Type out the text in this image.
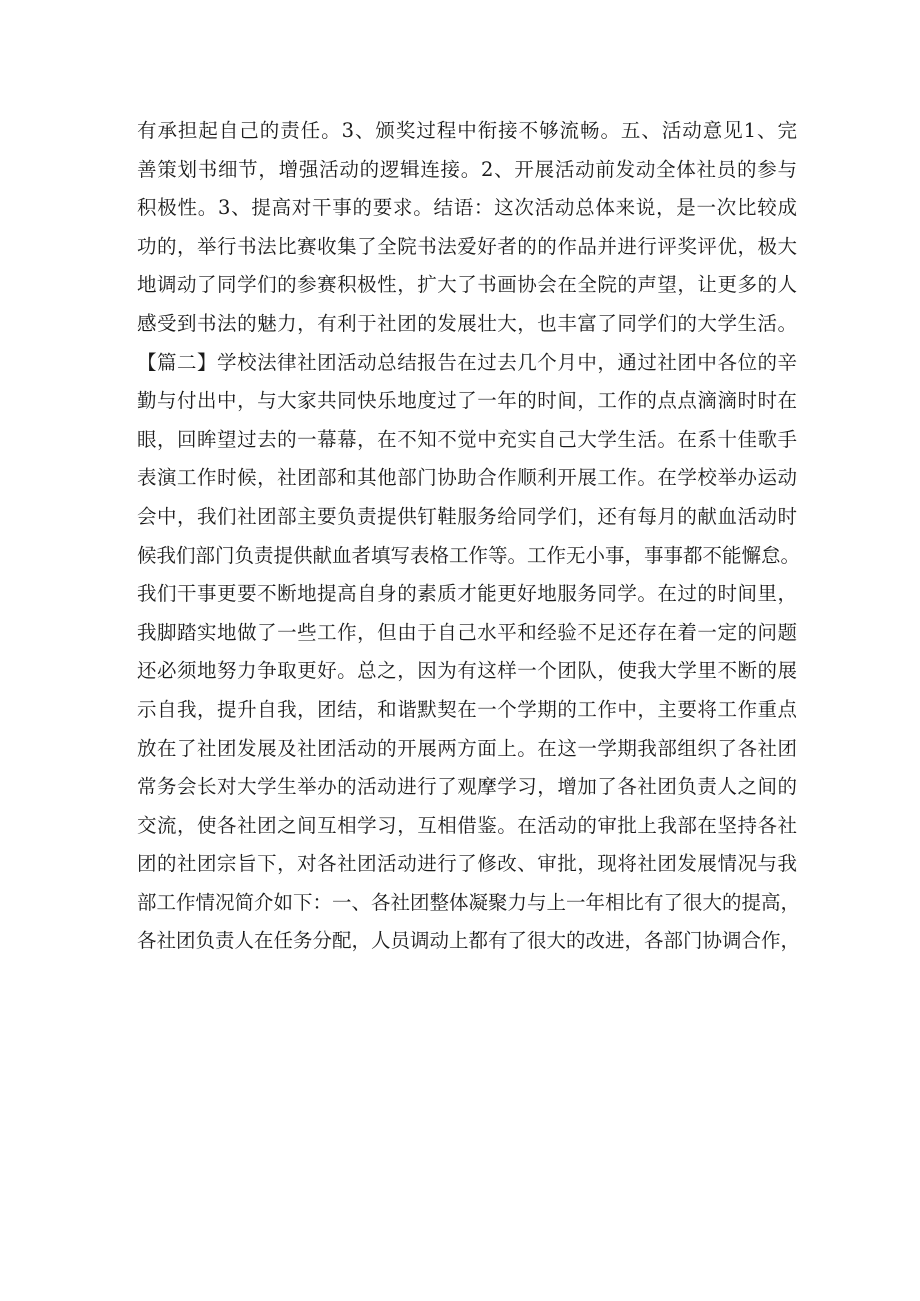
有承担起自己的责任。3、颁奖过程中衔接不够流畅。五、活动意见1、完
善策划书细节，增强活动的逻辑连接。2、开展活动前发动全体社员的参与
积极性。3、提高对干事的要求。结语：这次活动总体来说，是一次比较成
功的，举行书法比赛收集了全院书法爱好者的的作品并进行评奖评优，极大
地调动了同学们的参赛积极性，扩大了书画协会在全院的声望，让更多的人
感受到书法的魅力，有利于社团的发展壮大，也丰富了同学们的大学生活。
【篇二】学校法律社团活动总结报告在过去几个月中，通过社团中各位的辛
勤与付出中，与大家共同快乐地度过了一年的时间，工作的点点滴滴时时在
眼，回眸望过去的一幕幕，在不知不觉中充实自己大学生活。在系十佳歌手
表演工作时候，社团部和其他部门协助合作顺利开展工作。在学校举办运动
会中，我们社团部主要负责提供钉鞋服务给同学们，还有每月的献血活动时
候我们部门负责提供献血者填写表格工作等。工作无小事，事事都不能懈怠。
我们干事更要不断地提高自身的素质才能更好地服务同学。在过的时间里，
我脚踏实地做了一些工作，但由于自己水平和经验不足还存在着一定的问题
还必须地努力争取更好。总之，因为有这样一个团队，使我大学里不断的展
示自我，提升自我，团结，和谐默契在一个学期的工作中，主要将工作重点
放在了社团发展及社团活动的开展两方面上。在这一学期我部组织了各社团
常务会长对大学生举办的活动进行了观摩学习，增加了各社团负责人之间的
交流，使各社团之间互相学习，互相借鉴。在活动的审批上我部在坚持各社
团的社团宗旨下，对各社团活动进行了修改、审批，现将社团发展情况与我
部工作情况简介如下：一、各社团整体凝聚力与上一年相比有了很大的提高，
各社团负责人在任务分配，人员调动上都有了很大的改进，各部门协调合作，
